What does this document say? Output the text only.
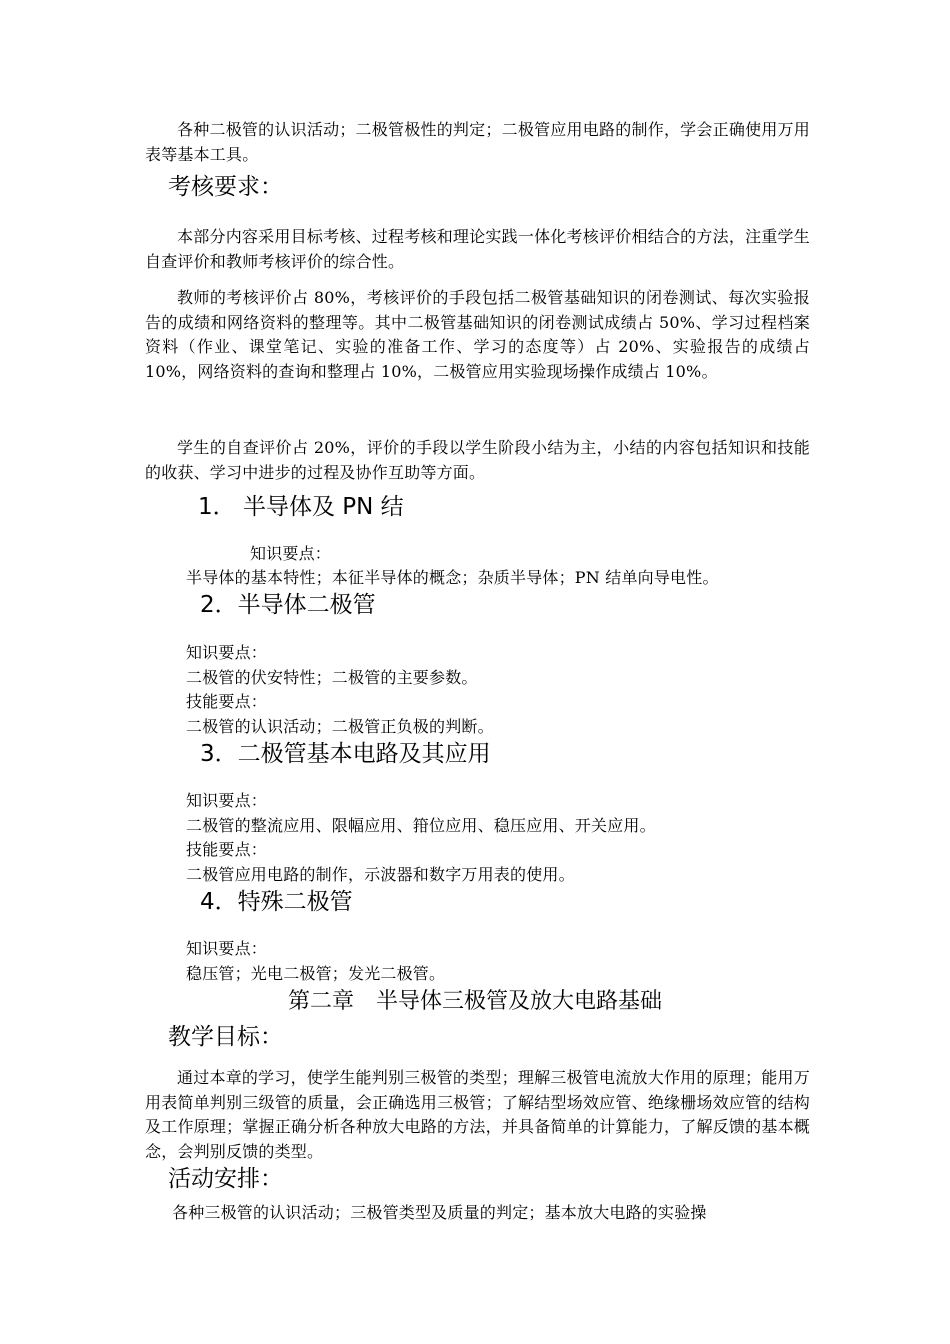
各种二极管的认识活动；二极管极性的判定；二极管应用电路的制作，学会正确使用万用表等基本工具。
考核要求：
本部分内容采用目标考核、过程考核和理论实践一体化考核评价相结合的方法，注重学生自查评价和教师考核评价的综合性。
教师的考核评价占 80%，考核评价的手段包括二极管基础知识的闭卷测试、每次实验报告的成绩和网络资料的整理等。其中二极管基础知识的闭卷测试成绩占 50%、学习过程档案资料（作业、课堂笔记、实验的准备工作、学习的态度等）占 20%、实验报告的成绩占 10%，网络资料的查询和整理占 10%，二极管应用实验现场操作成绩占 10%。
学生的自查评价占 20%，评价的手段以学生阶段小结为主，小结的内容包括知识和技能的收获、学习中进步的过程及协作互助等方面。
1． 半导体及 PN 结
知识要点：
半导体的基本特性；本征半导体的概念；杂质半导体；PN 结单向导电性。
2．半导体二极管
知识要点：
二极管的伏安特性；二极管的主要参数。
技能要点：
二极管的认识活动；二极管正负极的判断。
3．二极管基本电路及其应用
知识要点：
二极管的整流应用、限幅应用、箝位应用、稳压应用、开关应用。
技能要点：
二极管应用电路的制作，示波器和数字万用表的使用。
4．特殊二极管
知识要点：
稳压管；光电二极管；发光二极管。
第二章　半导体三极管及放大电路基础
教学目标：
通过本章的学习，使学生能判别三极管的类型；理解三极管电流放大作用的原理；能用万用表简单判别三级管的质量，会正确选用三极管；了解结型场效应管、绝缘栅场效应管的结构及工作原理；掌握正确分析各种放大电路的方法，并具备简单的计算能力，了解反馈的基本概念，会判别反馈的类型。
活动安排：
各种三极管的认识活动；三极管类型及质量的判定；基本放大电路的实验操
